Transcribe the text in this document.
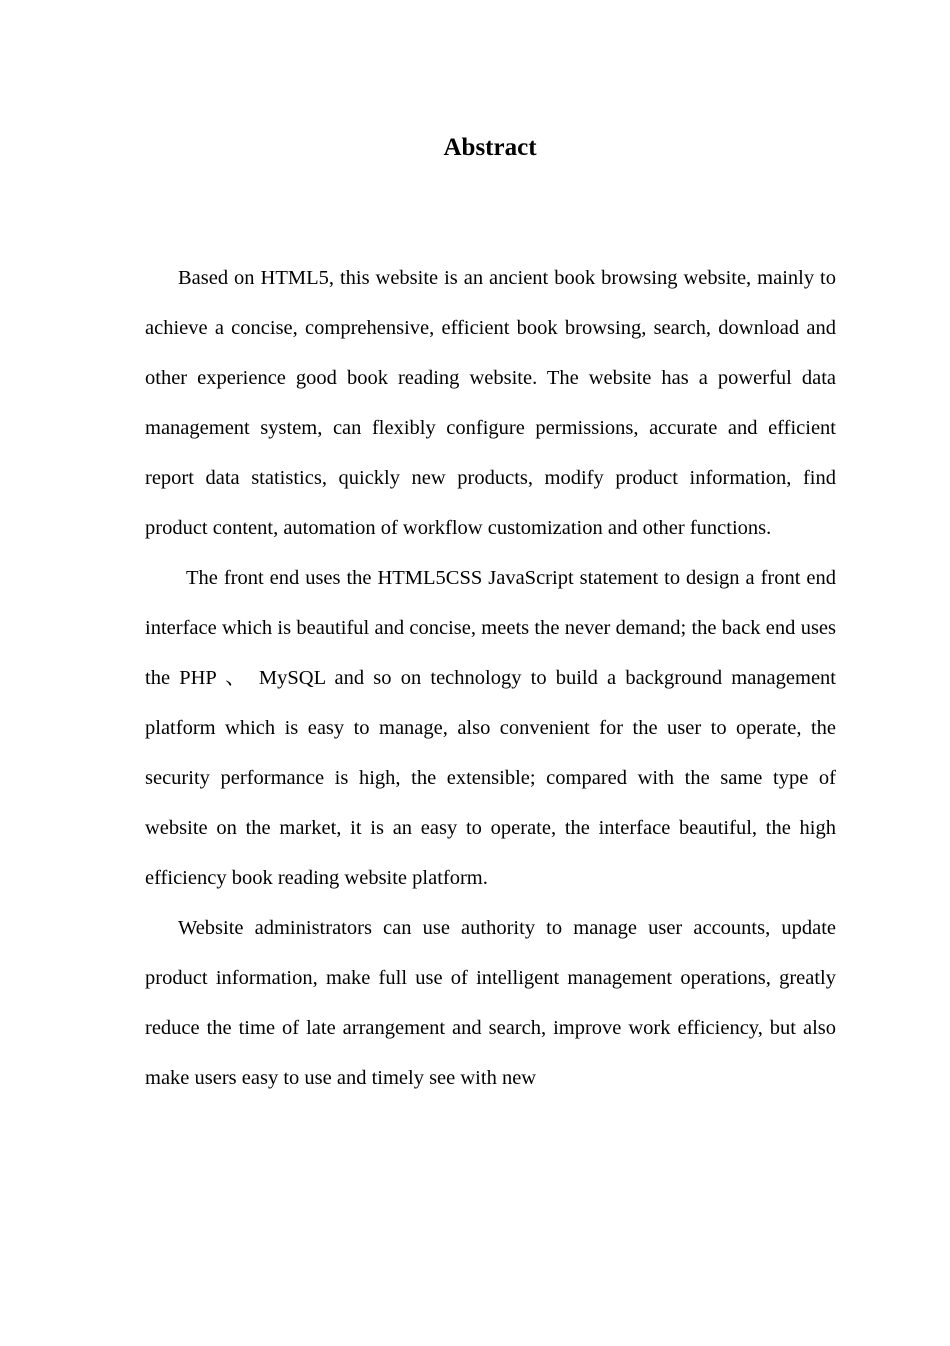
Abstract

Based on HTML5, this website is an ancient book browsing website, mainly to achieve a concise, comprehensive, efficient book browsing, search, download and other experience good book reading website. The website has a powerful data management system, can flexibly configure permissions, accurate and efficient report data statistics, quickly new products, modify product information, find product content, automation of workflow customization and other functions.

The front end uses the HTML5CSS JavaScript statement to design a front end interface which is beautiful and concise, meets the never demand; the back end uses the PHP 、 MySQL and so on technology to build a background management platform which is easy to manage, also convenient for the user to operate, the security performance is high, the extensible; compared with the same type of website on the market, it is an easy to operate, the interface beautiful, the high efficiency book reading website platform.

Website administrators can use authority to manage user accounts, update product information, make full use of intelligent management operations, greatly reduce the time of late arrangement and search, improve work efficiency, but also make users easy to use and timely see with new
